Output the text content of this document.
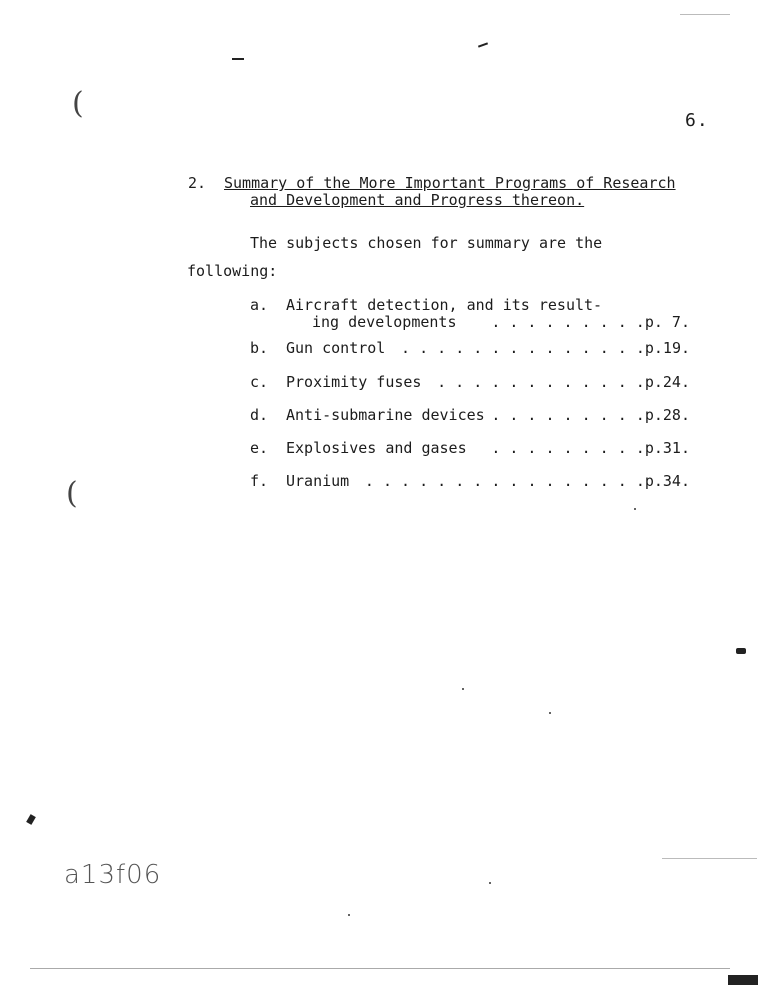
(
(
6.

2.

Summary of the More Important Programs of Research

and Development and Progress thereon.

The subjects chosen for summary are the
following:

a.

Aircraft detection, and its result-

ing developments

. . . . . . . . .p. 7.

b.

Gun control

. . . . . . . . . . . . . .p.19.

c.

Proximity fuses

. . . . . . . . . . . .p.24.

d.

Anti-submarine devices

. . . . . . . . .p.28.

e.

Explosives and gases

. . . . . . . . .p.31.

f.

Uranium

. . . . . . . . . . . . . . . .p.34.

a13f06
